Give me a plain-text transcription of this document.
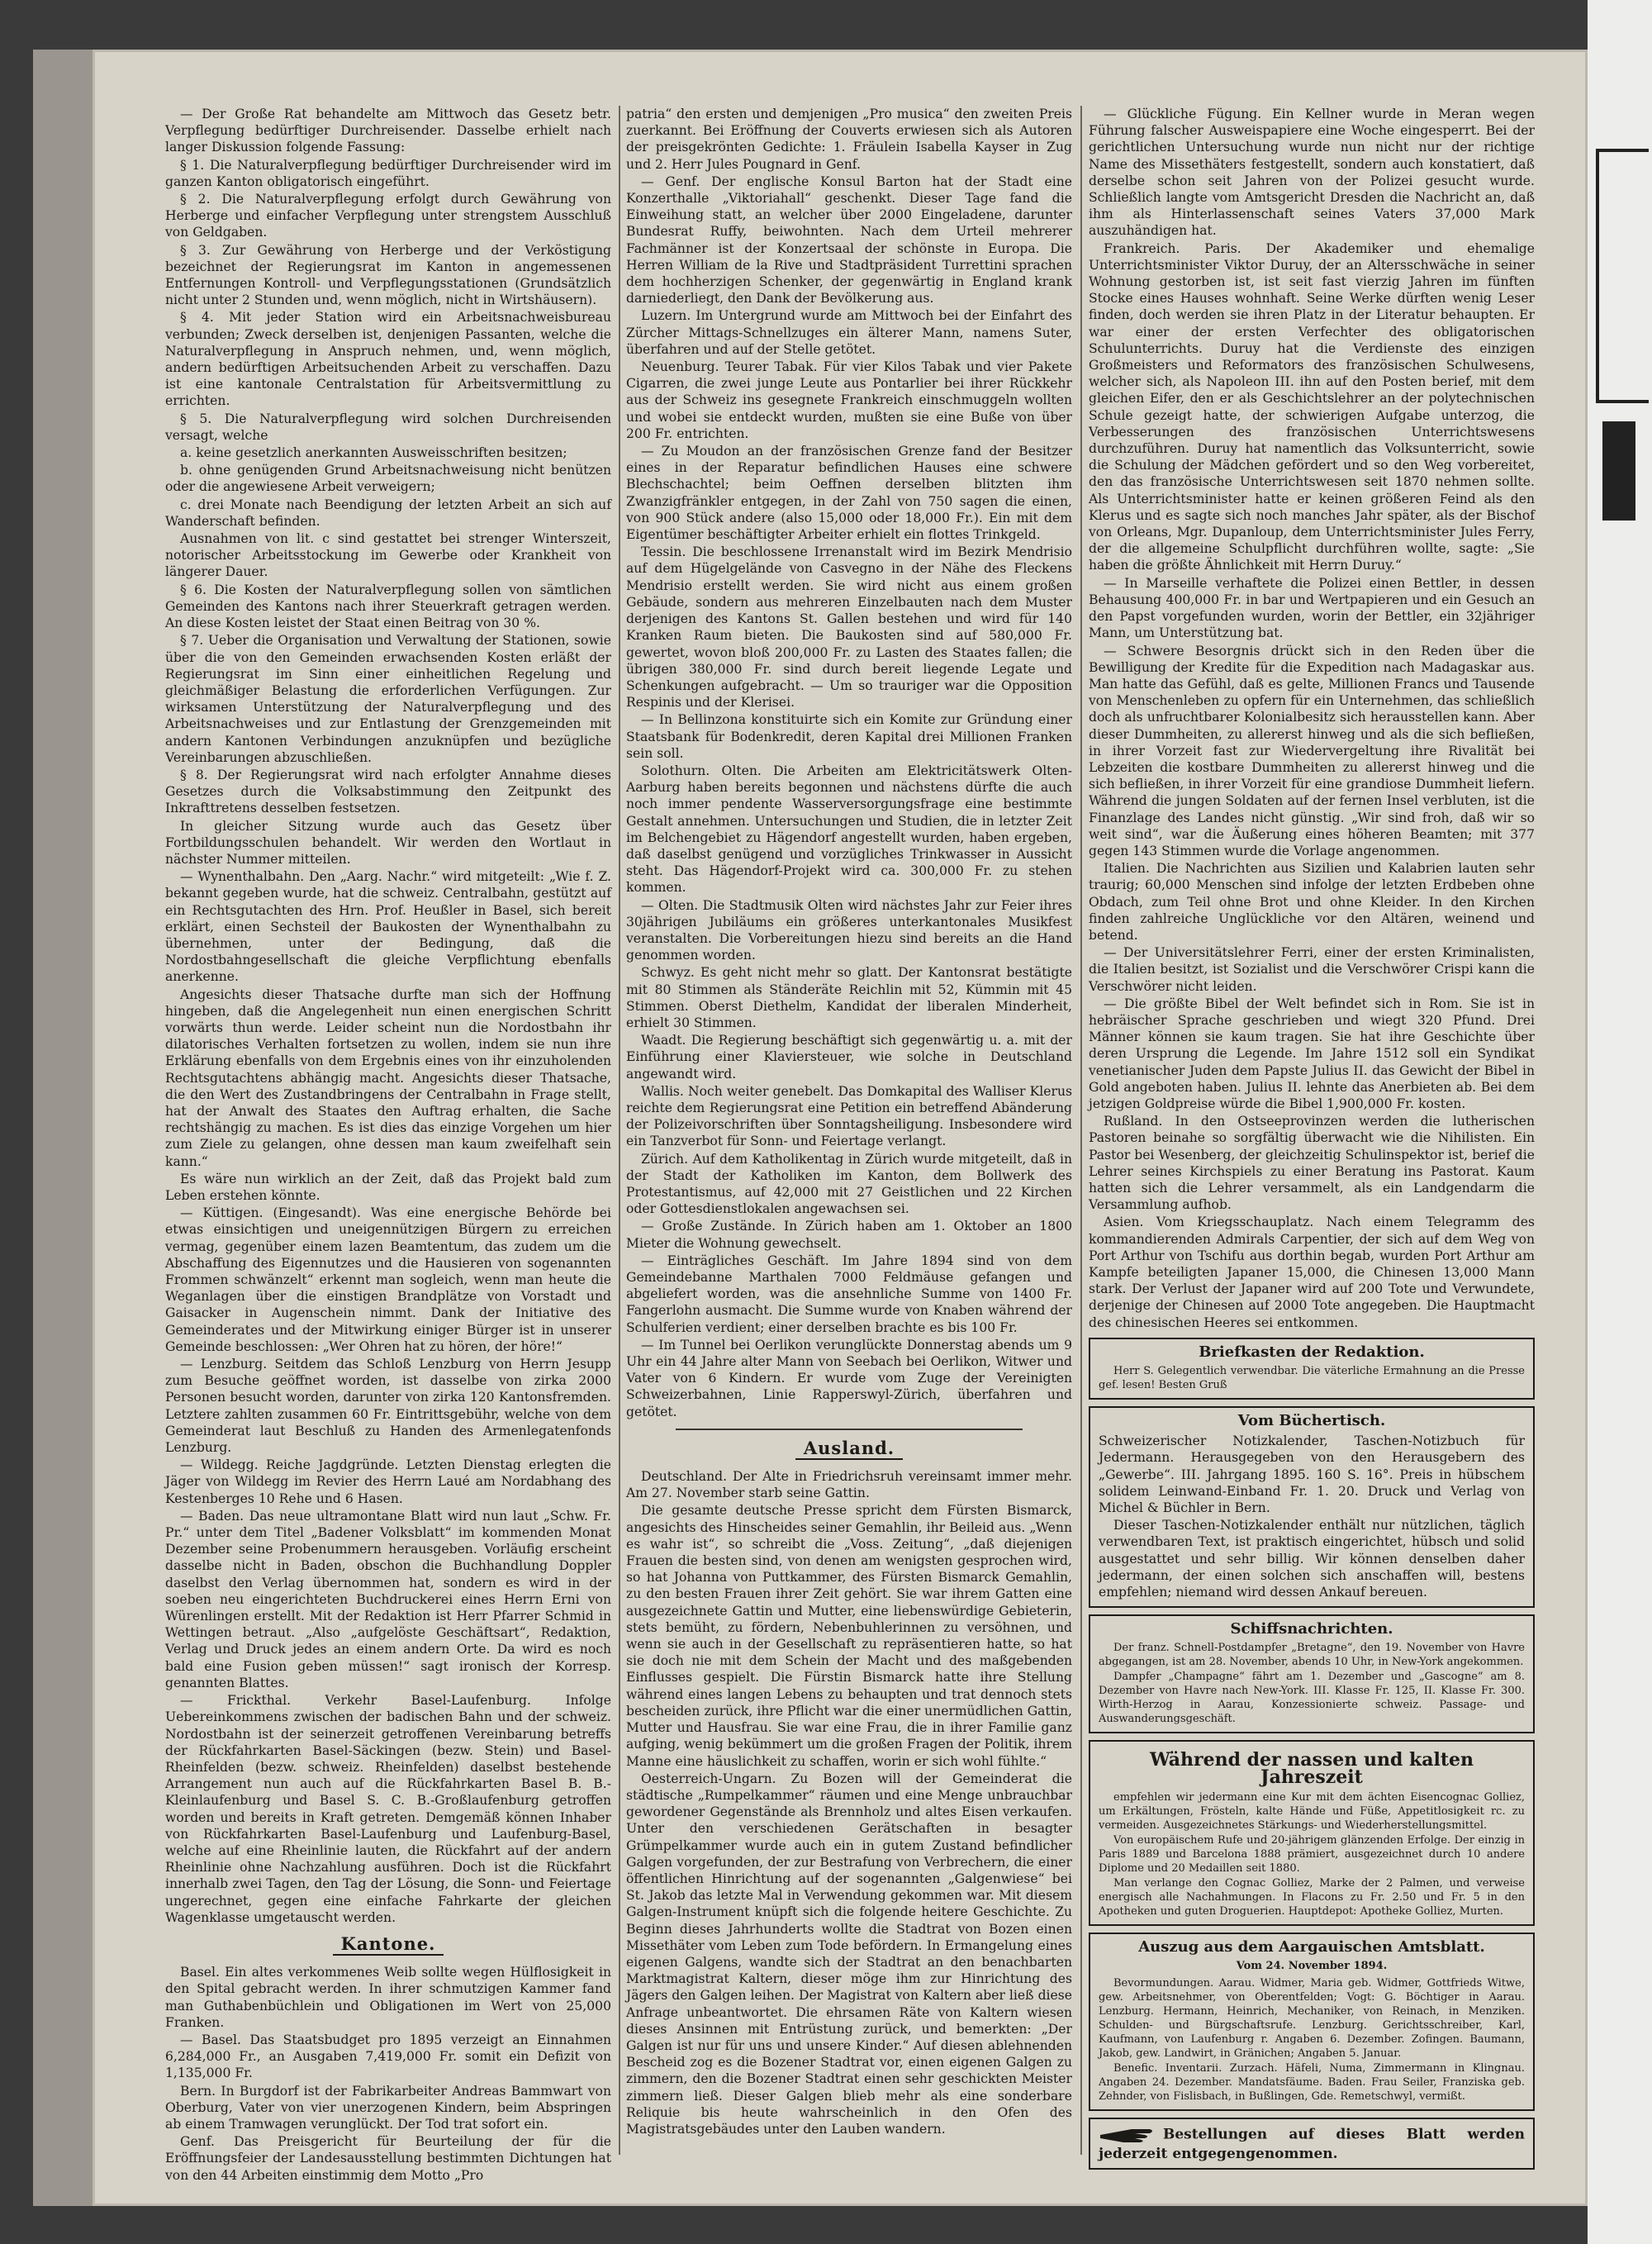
— Der Große Rat behandelte am Mittwoch das Gesetz betr. Verpflegung bedürftiger Durchreisender. Dasselbe erhielt nach langer Diskussion folgende Fassung:

§ 1. Die Naturalverpflegung bedürftiger Durchreisender wird im ganzen Kanton obligatorisch eingeführt.

§ 2. Die Naturalverpflegung erfolgt durch Gewährung von Herberge und einfacher Verpflegung unter strengstem Ausschluß von Geldgaben.

§ 3. Zur Gewährung von Herberge und der Verköstigung bezeichnet der Regierungsrat im Kanton in angemessenen Entfernungen Kontroll- und Verpflegungsstationen (Grundsätzlich nicht unter 2 Stunden und, wenn möglich, nicht in Wirtshäusern).

§ 4. Mit jeder Station wird ein Arbeitsnachweisbureau verbunden; Zweck derselben ist, denjenigen Passanten, welche die Naturalverpflegung in Anspruch nehmen, und, wenn möglich, andern bedürftigen Arbeitsuchenden Arbeit zu verschaffen. Dazu ist eine kantonale Centralstation für Arbeitsvermittlung zu errichten.

§ 5. Die Naturalverpflegung wird solchen Durchreisenden versagt, welche

a. keine gesetzlich anerkannten Ausweisschriften besitzen;

b. ohne genügenden Grund Arbeitsnachweisung nicht benützen oder die angewiesene Arbeit verweigern;

c. drei Monate nach Beendigung der letzten Arbeit an sich auf Wanderschaft befinden.

Ausnahmen von lit. c sind gestattet bei strenger Winterszeit, notorischer Arbeitsstockung im Gewerbe oder Krankheit von längerer Dauer.

§ 6. Die Kosten der Naturalverpflegung sollen von sämtlichen Gemeinden des Kantons nach ihrer Steuerkraft getragen werden. An diese Kosten leistet der Staat einen Beitrag von 30 %.

§ 7. Ueber die Organisation und Verwaltung der Stationen, sowie über die von den Gemeinden erwachsenden Kosten erläßt der Regierungsrat im Sinn einer einheitlichen Regelung und gleichmäßiger Belastung die erforderlichen Verfügungen. Zur wirksamen Unterstützung der Naturalverpflegung und des Arbeitsnachweises und zur Entlastung der Grenzgemeinden mit andern Kantonen Verbindungen anzuknüpfen und bezügliche Vereinbarungen abzuschließen.

§ 8. Der Regierungsrat wird nach erfolgter Annahme dieses Gesetzes durch die Volksabstimmung den Zeitpunkt des Inkrafttretens desselben festsetzen.

In gleicher Sitzung wurde auch das Gesetz über Fortbildungsschulen behandelt. Wir werden den Wortlaut in nächster Nummer mitteilen.

— Wynenthalbahn. Den „Aarg. Nachr.“ wird mitgeteilt: „Wie f. Z. bekannt gegeben wurde, hat die schweiz. Centralbahn, gestützt auf ein Rechtsgutachten des Hrn. Prof. Heußler in Basel, sich bereit erklärt, einen Sechsteil der Baukosten der Wynenthalbahn zu übernehmen, unter der Bedingung, daß die Nordostbahngesellschaft die gleiche Verpflichtung ebenfalls anerkenne.

Angesichts dieser Thatsache durfte man sich der Hoffnung hingeben, daß die Angelegenheit nun einen energischen Schritt vorwärts thun werde. Leider scheint nun die Nordostbahn ihr dilatorisches Verhalten fortsetzen zu wollen, indem sie nun ihre Erklärung ebenfalls von dem Ergebnis eines von ihr einzuholenden Rechtsgutachtens abhängig macht. Angesichts dieser Thatsache, die den Wert des Zustandbringens der Centralbahn in Frage stellt, hat der Anwalt des Staates den Auftrag erhalten, die Sache rechtshängig zu machen. Es ist dies das einzige Vorgehen um hier zum Ziele zu gelangen, ohne dessen man kaum zweifelhaft sein kann.“

Es wäre nun wirklich an der Zeit, daß das Projekt bald zum Leben erstehen könnte.

— Küttigen. (Eingesandt). Was eine energische Behörde bei etwas einsichtigen und uneigennützigen Bürgern zu erreichen vermag, gegenüber einem lazen Beamtentum, das zudem um die Abschaffung des Eigennutzes und die Hausieren von sogenannten Frommen schwänzelt“ erkennt man sogleich, wenn man heute die Weganlagen über die einstigen Brandplätze von Vorstadt und Gaisacker in Augenschein nimmt. Dank der Initiative des Gemeinderates und der Mitwirkung einiger Bürger ist in unserer Gemeinde beschlossen: „Wer Ohren hat zu hören, der höre!“

— Lenzburg. Seitdem das Schloß Lenzburg von Herrn Jesupp zum Besuche geöffnet worden, ist dasselbe von zirka 2000 Personen besucht worden, darunter von zirka 120 Kantonsfremden. Letztere zahlten zusammen 60 Fr. Eintrittsgebühr, welche von dem Gemeinderat laut Beschluß zu Handen des Armenlegatenfonds Lenzburg.

— Wildegg. Reiche Jagdgründe. Letzten Dienstag erlegten die Jäger von Wildegg im Revier des Herrn Laué am Nordabhang des Kestenberges 10 Rehe und 6 Hasen.

— Baden. Das neue ultramontane Blatt wird nun laut „Schw. Fr. Pr.“ unter dem Titel „Badener Volksblatt“ im kommenden Monat Dezember seine Probenummern herausgeben. Vorläufig erscheint dasselbe nicht in Baden, obschon die Buchhandlung Doppler daselbst den Verlag übernommen hat, sondern es wird in der soeben neu eingerichteten Buchdruckerei eines Herrn Erni von Würenlingen erstellt. Mit der Redaktion ist Herr Pfarrer Schmid in Wettingen betraut. „Also „aufgelöste Geschäftsart“, Redaktion, Verlag und Druck jedes an einem andern Orte. Da wird es noch bald eine Fusion geben müssen!“ sagt ironisch der Korresp. genannten Blattes.

— Frickthal. Verkehr Basel-Laufenburg. Infolge Uebereinkommens zwischen der badischen Bahn und der schweiz. Nordostbahn ist der seinerzeit getroffenen Vereinbarung betreffs der Rückfahrkarten Basel-Säckingen (bezw. Stein) und Basel-Rheinfelden (bezw. schweiz. Rheinfelden) daselbst bestehende Arrangement nun auch auf die Rückfahrkarten Basel B. B.-Kleinlaufenburg und Basel S. C. B.-Großlaufenburg getroffen worden und bereits in Kraft getreten. Demgemäß können Inhaber von Rückfahrkarten Basel-Laufenburg und Laufenburg-Basel, welche auf eine Rheinlinie lauten, die Rückfahrt auf der andern Rheinlinie ohne Nachzahlung ausführen. Doch ist die Rückfahrt innerhalb zwei Tagen, den Tag der Lösung, die Sonn- und Feiertage ungerechnet, gegen eine einfache Fahrkarte der gleichen Wagenklasse umgetauscht werden.

Kantone.

Basel. Ein altes verkommenes Weib sollte wegen Hülflosigkeit in den Spital gebracht werden. In ihrer schmutzigen Kammer fand man Guthabenbüchlein und Obligationen im Wert von 25,000 Franken.

— Basel. Das Staatsbudget pro 1895 verzeigt an Einnahmen 6,284,000 Fr., an Ausgaben 7,419,000 Fr. somit ein Defizit von 1,135,000 Fr.

Bern. In Burgdorf ist der Fabrikarbeiter Andreas Bammwart von Oberburg, Vater von vier unerzogenen Kindern, beim Abspringen ab einem Tramwagen verunglückt. Der Tod trat sofort ein.

Genf. Das Preisgericht für Beurteilung der für die Eröffnungsfeier der Landesausstellung bestimmten Dichtungen hat von den 44 Arbeiten einstimmig dem Motto „Pro

patria“ den ersten und demjenigen „Pro musica“ den zweiten Preis zuerkannt. Bei Eröffnung der Couverts erwiesen sich als Autoren der preisgekrönten Gedichte: 1. Fräulein Isabella Kayser in Zug und 2. Herr Jules Pougnard in Genf.

— Genf. Der englische Konsul Barton hat der Stadt eine Konzerthalle „Viktoriahall“ geschenkt. Dieser Tage fand die Einweihung statt, an welcher über 2000 Eingeladene, darunter Bundesrat Ruffy, beiwohnten. Nach dem Urteil mehrerer Fachmänner ist der Konzertsaal der schönste in Europa. Die Herren William de la Rive und Stadtpräsident Turrettini sprachen dem hochherzigen Schenker, der gegenwärtig in England krank darniederliegt, den Dank der Bevölkerung aus.

Luzern. Im Untergrund wurde am Mittwoch bei der Einfahrt des Zürcher Mittags-Schnellzuges ein älterer Mann, namens Suter, überfahren und auf der Stelle getötet.

Neuenburg. Teurer Tabak. Für vier Kilos Tabak und vier Pakete Cigarren, die zwei junge Leute aus Pontarlier bei ihrer Rückkehr aus der Schweiz ins gesegnete Frankreich einschmuggeln wollten und wobei sie entdeckt wurden, mußten sie eine Buße von über 200 Fr. entrichten.

— Zu Moudon an der französischen Grenze fand der Besitzer eines in der Reparatur befindlichen Hauses eine schwere Blechschachtel; beim Oeffnen derselben blitzten ihm Zwanzigfränkler entgegen, in der Zahl von 750 sagen die einen, von 900 Stück andere (also 15,000 oder 18,000 Fr.). Ein mit dem Eigentümer beschäftigter Arbeiter erhielt ein flottes Trinkgeld.

Tessin. Die beschlossene Irrenanstalt wird im Bezirk Mendrisio auf dem Hügelgelände von Casvegno in der Nähe des Fleckens Mendrisio erstellt werden. Sie wird nicht aus einem großen Gebäude, sondern aus mehreren Einzelbauten nach dem Muster derjenigen des Kantons St. Gallen bestehen und wird für 140 Kranken Raum bieten. Die Baukosten sind auf 580,000 Fr. gewertet, wovon bloß 200,000 Fr. zu Lasten des Staates fallen; die übrigen 380,000 Fr. sind durch bereit liegende Legate und Schenkungen aufgebracht. — Um so trauriger war die Opposition Respinis und der Klerisei.

— In Bellinzona konstituirte sich ein Komite zur Gründung einer Staatsbank für Bodenkredit, deren Kapital drei Millionen Franken sein soll.

Solothurn. Olten. Die Arbeiten am Elektricitätswerk Olten-Aarburg haben bereits begonnen und nächstens dürfte die auch noch immer pendente Wasserversorgungsfrage eine bestimmte Gestalt annehmen. Untersuchungen und Studien, die in letzter Zeit im Belchengebiet zu Hägendorf angestellt wurden, haben ergeben, daß daselbst genügend und vorzügliches Trinkwasser in Aussicht steht. Das Hägendorf-Projekt wird ca. 300,000 Fr. zu stehen kommen.

— Olten. Die Stadtmusik Olten wird nächstes Jahr zur Feier ihres 30jährigen Jubiläums ein größeres unterkantonales Musikfest veranstalten. Die Vorbereitungen hiezu sind bereits an die Hand genommen worden.

Schwyz. Es geht nicht mehr so glatt. Der Kantonsrat bestätigte mit 80 Stimmen als Ständeräte Reichlin mit 52, Kümmin mit 45 Stimmen. Oberst Diethelm, Kandidat der liberalen Minderheit, erhielt 30 Stimmen.

Waadt. Die Regierung beschäftigt sich gegenwärtig u. a. mit der Einführung einer Klaviersteuer, wie solche in Deutschland angewandt wird.

Wallis. Noch weiter genebelt. Das Domkapital des Walliser Klerus reichte dem Regierungsrat eine Petition ein betreffend Abänderung der Polizeivorschriften über Sonntagsheiligung. Insbesondere wird ein Tanzverbot für Sonn- und Feiertage verlangt.

Zürich. Auf dem Katholikentag in Zürich wurde mitgeteilt, daß in der Stadt der Katholiken im Kanton, dem Bollwerk des Protestantismus, auf 42,000 mit 27 Geistlichen und 22 Kirchen oder Gottesdienstlokalen angewachsen sei.

— Große Zustände. In Zürich haben am 1. Oktober an 1800 Mieter die Wohnung gewechselt.

— Einträgliches Geschäft. Im Jahre 1894 sind von dem Gemeindebanne Marthalen 7000 Feldmäuse gefangen und abgeliefert worden, was die ansehnliche Summe von 1400 Fr. Fangerlohn ausmacht. Die Summe wurde von Knaben während der Schulferien verdient; einer derselben brachte es bis 100 Fr.

— Im Tunnel bei Oerlikon verunglückte Donnerstag abends um 9 Uhr ein 44 Jahre alter Mann von Seebach bei Oerlikon, Witwer und Vater von 6 Kindern. Er wurde vom Zuge der Vereinigten Schweizerbahnen, Linie Rapperswyl-Zürich, überfahren und getötet.

Ausland.

Deutschland. Der Alte in Friedrichsruh vereinsamt immer mehr. Am 27. November starb seine Gattin.

Die gesamte deutsche Presse spricht dem Fürsten Bismarck, angesichts des Hinscheides seiner Gemahlin, ihr Beileid aus. „Wenn es wahr ist“, so schreibt die „Voss. Zeitung“, „daß diejenigen Frauen die besten sind, von denen am wenigsten gesprochen wird, so hat Johanna von Puttkammer, des Fürsten Bismarck Gemahlin, zu den besten Frauen ihrer Zeit gehört. Sie war ihrem Gatten eine ausgezeichnete Gattin und Mutter, eine liebenswürdige Gebieterin, stets bemüht, zu fördern, Nebenbuhlerinnen zu versöhnen, und wenn sie auch in der Gesellschaft zu repräsentieren hatte, so hat sie doch nie mit dem Schein der Macht und des maßgebenden Einflusses gespielt. Die Fürstin Bismarck hatte ihre Stellung während eines langen Lebens zu behaupten und trat dennoch stets bescheiden zurück, ihre Pflicht war die einer unermüdlichen Gattin, Mutter und Hausfrau. Sie war eine Frau, die in ihrer Familie ganz aufging, wenig bekümmert um die großen Fragen der Politik, ihrem Manne eine häuslichkeit zu schaffen, worin er sich wohl fühlte.“

Oesterreich-Ungarn. Zu Bozen will der Gemeinderat die städtische „Rumpelkammer“ räumen und eine Menge unbrauchbar gewordener Gegenstände als Brennholz und altes Eisen verkaufen. Unter den verschiedenen Gerätschaften in besagter Grümpelkammer wurde auch ein in gutem Zustand befindlicher Galgen vorgefunden, der zur Bestrafung von Verbrechern, die einer öffentlichen Hinrichtung auf der sogenannten „Galgenwiese“ bei St. Jakob das letzte Mal in Verwendung gekommen war. Mit diesem Galgen-Instrument knüpft sich die folgende heitere Geschichte. Zu Beginn dieses Jahrhunderts wollte die Stadtrat von Bozen einen Missethäter vom Leben zum Tode befördern. In Ermangelung eines eigenen Galgens, wandte sich der Stadtrat an den benachbarten Marktmagistrat Kaltern, dieser möge ihm zur Hinrichtung des Jägers den Galgen leihen. Der Magistrat von Kaltern aber ließ diese Anfrage unbeantwortet. Die ehrsamen Räte von Kaltern wiesen dieses Ansinnen mit Entrüstung zurück, und bemerkten: „Der Galgen ist nur für uns und unsere Kinder.“ Auf diesen ablehnenden Bescheid zog es die Bozener Stadtrat vor, einen eigenen Galgen zu zimmern, den die Bozener Stadtrat einen sehr geschickten Meister zimmern ließ. Dieser Galgen blieb mehr als eine sonderbare Reliquie bis heute wahrscheinlich in den Ofen des Magistratsgebäudes unter den Lauben wandern.

— Glückliche Fügung. Ein Kellner wurde in Meran wegen Führung falscher Ausweispapiere eine Woche eingesperrt. Bei der gerichtlichen Untersuchung wurde nun nicht nur der richtige Name des Missethäters festgestellt, sondern auch konstatiert, daß derselbe schon seit Jahren von der Polizei gesucht wurde. Schließlich langte vom Amtsgericht Dresden die Nachricht an, daß ihm als Hinterlassenschaft seines Vaters 37,000 Mark auszuhändigen hat.

Frankreich. Paris. Der Akademiker und ehemalige Unterrichtsminister Viktor Duruy, der an Altersschwäche in seiner Wohnung gestorben ist, ist seit fast vierzig Jahren im fünften Stocke eines Hauses wohnhaft. Seine Werke dürften wenig Leser finden, doch werden sie ihren Platz in der Literatur behaupten. Er war einer der ersten Verfechter des obligatorischen Schulunterrichts. Duruy hat die Verdienste des einzigen Großmeisters und Reformators des französischen Schulwesens, welcher sich, als Napoleon III. ihn auf den Posten berief, mit dem gleichen Eifer, den er als Geschichtslehrer an der polytechnischen Schule gezeigt hatte, der schwierigen Aufgabe unterzog, die Verbesserungen des französischen Unterrichtswesens durchzuführen. Duruy hat namentlich das Volksunterricht, sowie die Schulung der Mädchen gefördert und so den Weg vorbereitet, den das französische Unterrichtswesen seit 1870 nehmen sollte. Als Unterrichtsminister hatte er keinen größeren Feind als den Klerus und es sagte sich noch manches Jahr später, als der Bischof von Orleans, Mgr. Dupanloup, dem Unterrichtsminister Jules Ferry, der die allgemeine Schulpflicht durchführen wollte, sagte: „Sie haben die größte Ähnlichkeit mit Herrn Duruy.“

— In Marseille verhaftete die Polizei einen Bettler, in dessen Behausung 400,000 Fr. in bar und Wertpapieren und ein Gesuch an den Papst vorgefunden wurden, worin der Bettler, ein 32jähriger Mann, um Unterstützung bat.

— Schwere Besorgnis drückt sich in den Reden über die Bewilligung der Kredite für die Expedition nach Madagaskar aus. Man hatte das Gefühl, daß es gelte, Millionen Francs und Tausende von Menschenleben zu opfern für ein Unternehmen, das schließlich doch als unfruchtbarer Kolonialbesitz sich herausstellen kann. Aber dieser Dummheiten, zu allererst hinweg und als die sich befließen, in ihrer Vorzeit fast zur Wiedervergeltung ihre Rivalität bei Lebzeiten die kostbare Dummheiten zu allererst hinweg und die sich befließen, in ihrer Vorzeit für eine grandiose Dummheit liefern. Während die jungen Soldaten auf der fernen Insel verbluten, ist die Finanzlage des Landes nicht günstig. „Wir sind froh, daß wir so weit sind“, war die Äußerung eines höheren Beamten; mit 377 gegen 143 Stimmen wurde die Vorlage angenommen.

Italien. Die Nachrichten aus Sizilien und Kalabrien lauten sehr traurig; 60,000 Menschen sind infolge der letzten Erdbeben ohne Obdach, zum Teil ohne Brot und ohne Kleider. In den Kirchen finden zahlreiche Unglückliche vor den Altären, weinend und betend.

— Der Universitätslehrer Ferri, einer der ersten Kriminalisten, die Italien besitzt, ist Sozialist und die Verschwörer Crispi kann die Verschwörer nicht leiden.

— Die größte Bibel der Welt befindet sich in Rom. Sie ist in hebräischer Sprache geschrieben und wiegt 320 Pfund. Drei Männer können sie kaum tragen. Sie hat ihre Geschichte über deren Ursprung die Legende. Im Jahre 1512 soll ein Syndikat venetianischer Juden dem Papste Julius II. das Gewicht der Bibel in Gold angeboten haben. Julius II. lehnte das Anerbieten ab. Bei dem jetzigen Goldpreise würde die Bibel 1,900,000 Fr. kosten.

Rußland. In den Ostseeprovinzen werden die lutherischen Pastoren beinahe so sorgfältig überwacht wie die Nihilisten. Ein Pastor bei Wesenberg, der gleichzeitig Schulinspektor ist, berief die Lehrer seines Kirchspiels zu einer Beratung ins Pastorat. Kaum hatten sich die Lehrer versammelt, als ein Landgendarm die Versammlung aufhob.

Asien. Vom Kriegsschauplatz. Nach einem Telegramm des kommandierenden Admirals Carpentier, der sich auf dem Weg von Port Arthur von Tschifu aus dorthin begab, wurden Port Arthur am Kampfe beteiligten Japaner 15,000, die Chinesen 13,000 Mann stark. Der Verlust der Japaner wird auf 200 Tote und Verwundete, derjenige der Chinesen auf 2000 Tote angegeben. Die Hauptmacht des chinesischen Heeres sei entkommen.

Briefkasten der Redaktion.

Herr S. Gelegentlich verwendbar. Die väterliche Ermahnung an die Presse gef. lesen! Besten Gruß

Vom Büchertisch.

Schweizerischer Notizkalender, Taschen-Notizbuch für Jedermann. Herausgegeben von den Herausgebern des „Gewerbe“. III. Jahrgang 1895. 160 S. 16°. Preis in hübschem solidem Leinwand-Einband Fr. 1. 20. Druck und Verlag von Michel & Büchler in Bern.

Dieser Taschen-Notizkalender enthält nur nützlichen, täglich verwendbaren Text, ist praktisch eingerichtet, hübsch und solid ausgestattet und sehr billig. Wir können denselben daher jedermann, der einen solchen sich anschaffen will, bestens empfehlen; niemand wird dessen Ankauf bereuen.

Schiffsnachrichten.

Der franz. Schnell-Postdampfer „Bretagne“, den 19. November von Havre abgegangen, ist am 28. November, abends 10 Uhr, in New-York angekommen.

Dampfer „Champagne“ fährt am 1. Dezember und „Gascogne“ am 8. Dezember von Havre nach New-York. III. Klasse Fr. 125, II. Klasse Fr. 300. Wirth-Herzog in Aarau, Konzessionierte schweiz. Passage- und Auswanderungsgeschäft.

Während der nassen und kalten Jahreszeit

empfehlen wir jedermann eine Kur mit dem ächten Eisencognac Golliez, um Erkältungen, Frösteln, kalte Hände und Füße, Appetitlosigkeit rc. zu vermeiden. Ausgezeichnetes Stärkungs- und Wiederherstellungsmittel.

Von europäischem Rufe und 20-jährigem glänzenden Erfolge. Der einzig in Paris 1889 und Barcelona 1888 prämiert, ausgezeichnet durch 10 andere Diplome und 20 Medaillen seit 1880.

Man verlange den Cognac Golliez, Marke der 2 Palmen, und verweise energisch alle Nachahmungen. In Flacons zu Fr. 2.50 und Fr. 5 in den Apotheken und guten Droguerien. Hauptdepot: Apotheke Golliez, Murten.

Auszug aus dem Aargauischen Amtsblatt.
Vom 24. November 1894.

Bevormundungen. Aarau. Widmer, Maria geb. Widmer, Gottfrieds Witwe, gew. Arbeitsnehmer, von Oberentfelden; Vogt: G. Böchtiger in Aarau. Lenzburg. Hermann, Heinrich, Mechaniker, von Reinach, in Menziken. Schulden- und Bürgschaftsrufe. Lenzburg. Gerichtsschreiber, Karl, Kaufmann, von Laufenburg r. Angaben 6. Dezember. Zofingen. Baumann, Jakob, gew. Landwirt, in Gränichen; Angaben 5. Januar.

Benefic. Inventarii. Zurzach. Häfeli, Numa, Zimmermann in Klingnau. Angaben 24. Dezember. Mandatsfäume. Baden. Frau Seiler, Franziska geb. Zehnder, von Fislisbach, in Bußlingen, Gde. Remetschwyl, vermißt.

Bestellungen auf dieses Blatt werden jederzeit entgegengenommen.
